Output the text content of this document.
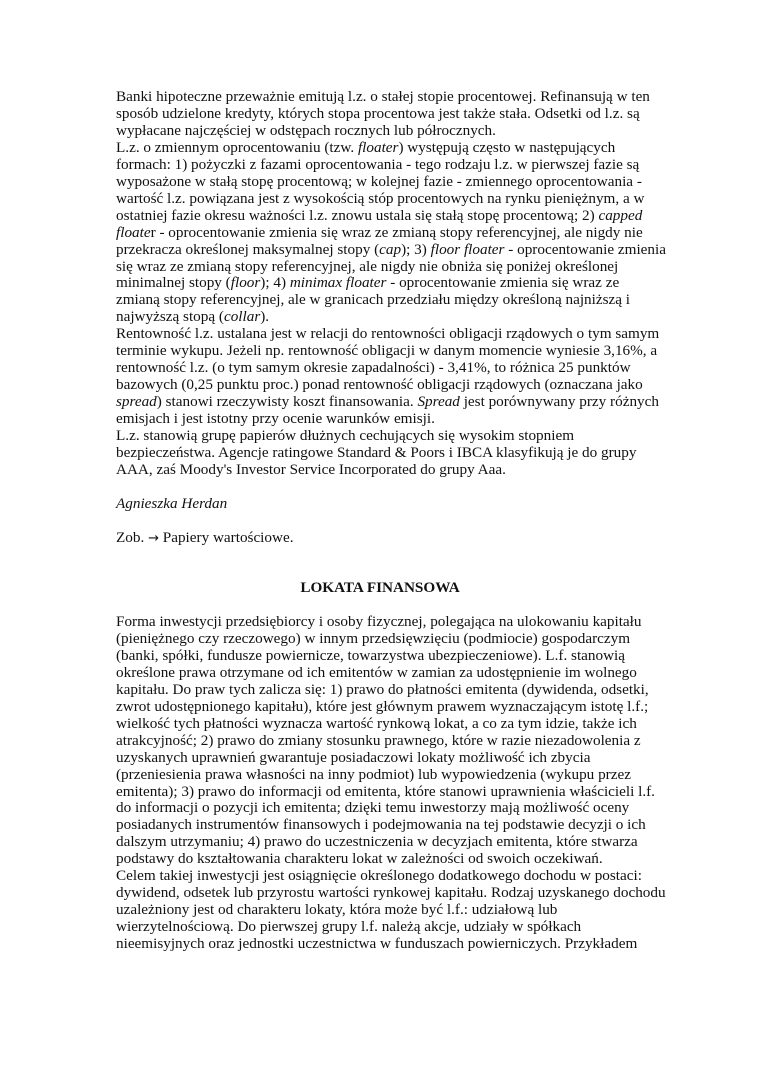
Banki hipoteczne przeważnie emitują l.z. o stałej stopie procentowej. Refinansują w ten
sposób udzielone kredyty, których stopa procentowa jest także stała. Odsetki od l.z. są
wypłacane najczęściej w odstępach rocznych lub półrocznych.
L.z. o zmiennym oprocentowaniu (tzw. floater) występują często w następujących
formach: 1) pożyczki z fazami oprocentowania - tego rodzaju l.z. w pierwszej fazie są
wyposażone w stałą stopę procentową; w kolejnej fazie - zmiennego oprocentowania -
wartość l.z. powiązana jest z wysokością stóp procentowych na rynku pieniężnym, a w
ostatniej fazie okresu ważności l.z. znowu ustala się stałą stopę procentową; 2) capped
floater - oprocentowanie zmienia się wraz ze zmianą stopy referencyjnej, ale nigdy nie
przekracza określonej maksymalnej stopy (cap); 3) floor floater - oprocentowanie zmienia
się wraz ze zmianą stopy referencyjnej, ale nigdy nie obniża się poniżej określonej
minimalnej stopy (floor); 4) minimax floater - oprocentowanie zmienia się wraz ze
zmianą stopy referencyjnej, ale w granicach przedziału między określoną najniższą i
najwyższą stopą (collar).
Rentowność l.z. ustalana jest w relacji do rentowności obligacji rządowych o tym samym
terminie wykupu. Jeżeli np. rentowność obligacji w danym momencie wyniesie 3,16%, a
rentowność l.z. (o tym samym okresie zapadalności) - 3,41%, to różnica 25 punktów
bazowych (0,25 punktu proc.) ponad rentowność obligacji rządowych (oznaczana jako
spread) stanowi rzeczywisty koszt finansowania. Spread jest porównywany przy różnych
emisjach i jest istotny przy ocenie warunków emisji.
L.z. stanowią grupę papierów dłużnych cechujących się wysokim stopniem
bezpieczeństwa. Agencje ratingowe Standard & Poors i IBCA klasyfikują je do grupy
AAA, zaś Moody's Investor Service Incorporated do grupy Aaa.
Agnieszka Herdan
Zob. → Papiery wartościowe.
LOKATA FINANSOWA
Forma inwestycji przedsiębiorcy i osoby fizycznej, polegająca na ulokowaniu kapitału
(pieniężnego czy rzeczowego) w innym przedsięwzięciu (podmiocie) gospodarczym
(banki, spółki, fundusze powiernicze, towarzystwa ubezpieczeniowe). L.f. stanowią
określone prawa otrzymane od ich emitentów w zamian za udostępnienie im wolnego
kapitału. Do praw tych zalicza się: 1) prawo do płatności emitenta (dywidenda, odsetki,
zwrot udostępnionego kapitału), które jest głównym prawem wyznaczającym istotę l.f.;
wielkość tych płatności wyznacza wartość rynkową lokat, a co za tym idzie, także ich
atrakcyjność; 2) prawo do zmiany stosunku prawnego, które w razie niezadowolenia z
uzyskanych uprawnień gwarantuje posiadaczowi lokaty możliwość ich zbycia
(przeniesienia prawa własności na inny podmiot) lub wypowiedzenia (wykupu przez
emitenta); 3) prawo do informacji od emitenta, które stanowi uprawnienia właścicieli l.f.
do informacji o pozycji ich emitenta; dzięki temu inwestorzy mają możliwość oceny
posiadanych instrumentów finansowych i podejmowania na tej podstawie decyzji o ich
dalszym utrzymaniu; 4) prawo do uczestniczenia w decyzjach emitenta, które stwarza
podstawy do kształtowania charakteru lokat w zależności od swoich oczekiwań.
Celem takiej inwestycji jest osiągnięcie określonego dodatkowego dochodu w postaci:
dywidend, odsetek lub przyrostu wartości rynkowej kapitału. Rodzaj uzyskanego dochodu
uzależniony jest od charakteru lokaty, która może być l.f.: udziałową lub
wierzytelnościową. Do pierwszej grupy l.f. należą akcje, udziały w spółkach
nieemisyjnych oraz jednostki uczestnictwa w funduszach powierniczych. Przykładem
